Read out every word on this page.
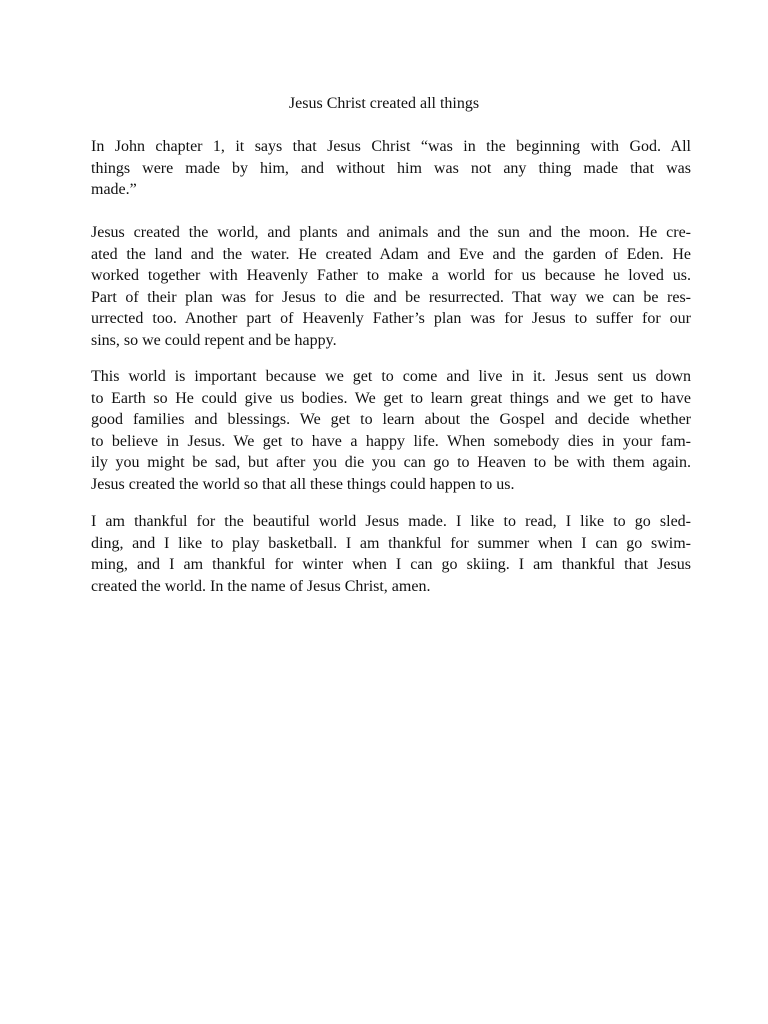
Jesus Christ created all things
In John chapter 1, it says that Jesus Christ “was in the beginning with God. All
things were made by him, and without him was not any thing made that was
made.”
Jesus created the world, and plants and animals and the sun and the moon. He cre-
ated the land and the water. He created Adam and Eve and the garden of Eden. He
worked together with Heavenly Father to make a world for us because he loved us.
Part of their plan was for Jesus to die and be resurrected. That way we can be res-
urrected too. Another part of Heavenly Father’s plan was for Jesus to suffer for our
sins, so we could repent and be happy.
This world is important because we get to come and live in it. Jesus sent us down
to Earth so He could give us bodies. We get to learn great things and we get to have
good families and blessings. We get to learn about the Gospel and decide whether
to believe in Jesus. We get to have a happy life. When somebody dies in your fam-
ily you might be sad, but after you die you can go to Heaven to be with them again.
Jesus created the world so that all these things could happen to us.
I am thankful for the beautiful world Jesus made. I like to read, I like to go sled-
ding, and I like to play basketball. I am thankful for summer when I can go swim-
ming, and I am thankful for winter when I can go skiing. I am thankful that Jesus
created the world. In the name of Jesus Christ, amen.
